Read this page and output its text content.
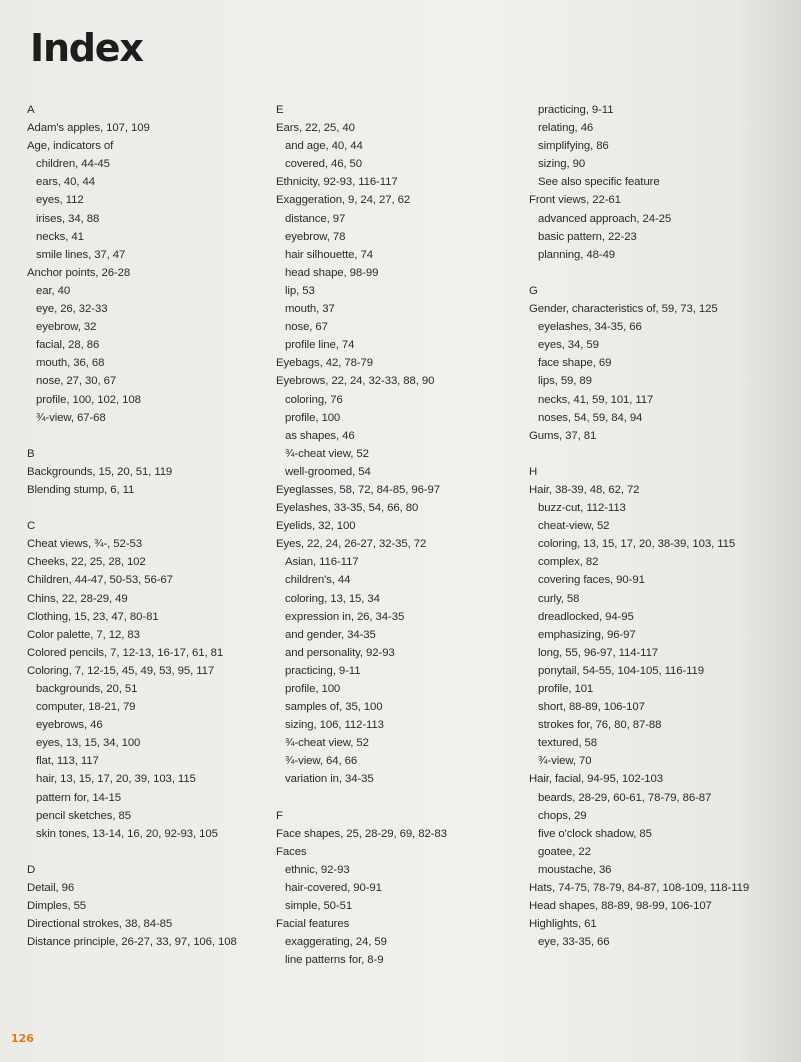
Index
A
Adam's apples, 107, 109
Age, indicators of
children, 44-45
ears, 40, 44
eyes, 112
irises, 34, 88
necks, 41
smile lines, 37, 47
Anchor points, 26-28
ear, 40
eye, 26, 32-33
eyebrow, 32
facial, 28, 86
mouth, 36, 68
nose, 27, 30, 67
profile, 100, 102, 108
¾-view, 67-68
B
Backgrounds, 15, 20, 51, 119
Blending stump, 6, 11
C
Cheat views, ¾-, 52-53
Cheeks, 22, 25, 28, 102
Children, 44-47, 50-53, 56-67
Chins, 22, 28-29, 49
Clothing, 15, 23, 47, 80-81
Color palette, 7, 12, 83
Colored pencils, 7, 12-13, 16-17, 61, 81
Coloring, 7, 12-15, 45, 49, 53, 95, 117
backgrounds, 20, 51
computer, 18-21, 79
eyebrows, 46
eyes, 13, 15, 34, 100
flat, 113, 117
hair, 13, 15, 17, 20, 39, 103, 115
pattern for, 14-15
pencil sketches, 85
skin tones, 13-14, 16, 20, 92-93, 105
D
Detail, 96
Dimples, 55
Directional strokes, 38, 84-85
Distance principle, 26-27, 33, 97, 106, 108
E
Ears, 22, 25, 40
and age, 40, 44
covered, 46, 50
Ethnicity, 92-93, 116-117
Exaggeration, 9, 24, 27, 62
distance, 97
eyebrow, 78
hair silhouette, 74
head shape, 98-99
lip, 53
mouth, 37
nose, 67
profile line, 74
Eyebags, 42, 78-79
Eyebrows, 22, 24, 32-33, 88, 90
coloring, 76
profile, 100
as shapes, 46
¾-cheat view, 52
well-groomed, 54
Eyeglasses, 58, 72, 84-85, 96-97
Eyelashes, 33-35, 54, 66, 80
Eyelids, 32, 100
Eyes, 22, 24, 26-27, 32-35, 72
Asian, 116-117
children's, 44
coloring, 13, 15, 34
expression in, 26, 34-35
and gender, 34-35
and personality, 92-93
practicing, 9-11
profile, 100
samples of, 35, 100
sizing, 106, 112-113
¾-cheat view, 52
¾-view, 64, 66
variation in, 34-35
F
Face shapes, 25, 28-29, 69, 82-83
Faces
ethnic, 92-93
hair-covered, 90-91
simple, 50-51
Facial features
exaggerating, 24, 59
line patterns for, 8-9
practicing, 9-11
relating, 46
simplifying, 86
sizing, 90
See also specific feature
Front views, 22-61
advanced approach, 24-25
basic pattern, 22-23
planning, 48-49
G
Gender, characteristics of, 59, 73, 125
eyelashes, 34-35, 66
eyes, 34, 59
face shape, 69
lips, 59, 89
necks, 41, 59, 101, 117
noses, 54, 59, 84, 94
Gums, 37, 81
H
Hair, 38-39, 48, 62, 72
buzz-cut, 112-113
cheat-view, 52
coloring, 13, 15, 17, 20, 38-39, 103, 115
complex, 82
covering faces, 90-91
curly, 58
dreadlocked, 94-95
emphasizing, 96-97
long, 55, 96-97, 114-117
ponytail, 54-55, 104-105, 116-119
profile, 101
short, 88-89, 106-107
strokes for, 76, 80, 87-88
textured, 58
¾-view, 70
Hair, facial, 94-95, 102-103
beards, 28-29, 60-61, 78-79, 86-87
chops, 29
five o'clock shadow, 85
goatee, 22
moustache, 36
Hats, 74-75, 78-79, 84-87, 108-109, 118-119
Head shapes, 88-89, 98-99, 106-107
Highlights, 61
eye, 33-35, 66
126
